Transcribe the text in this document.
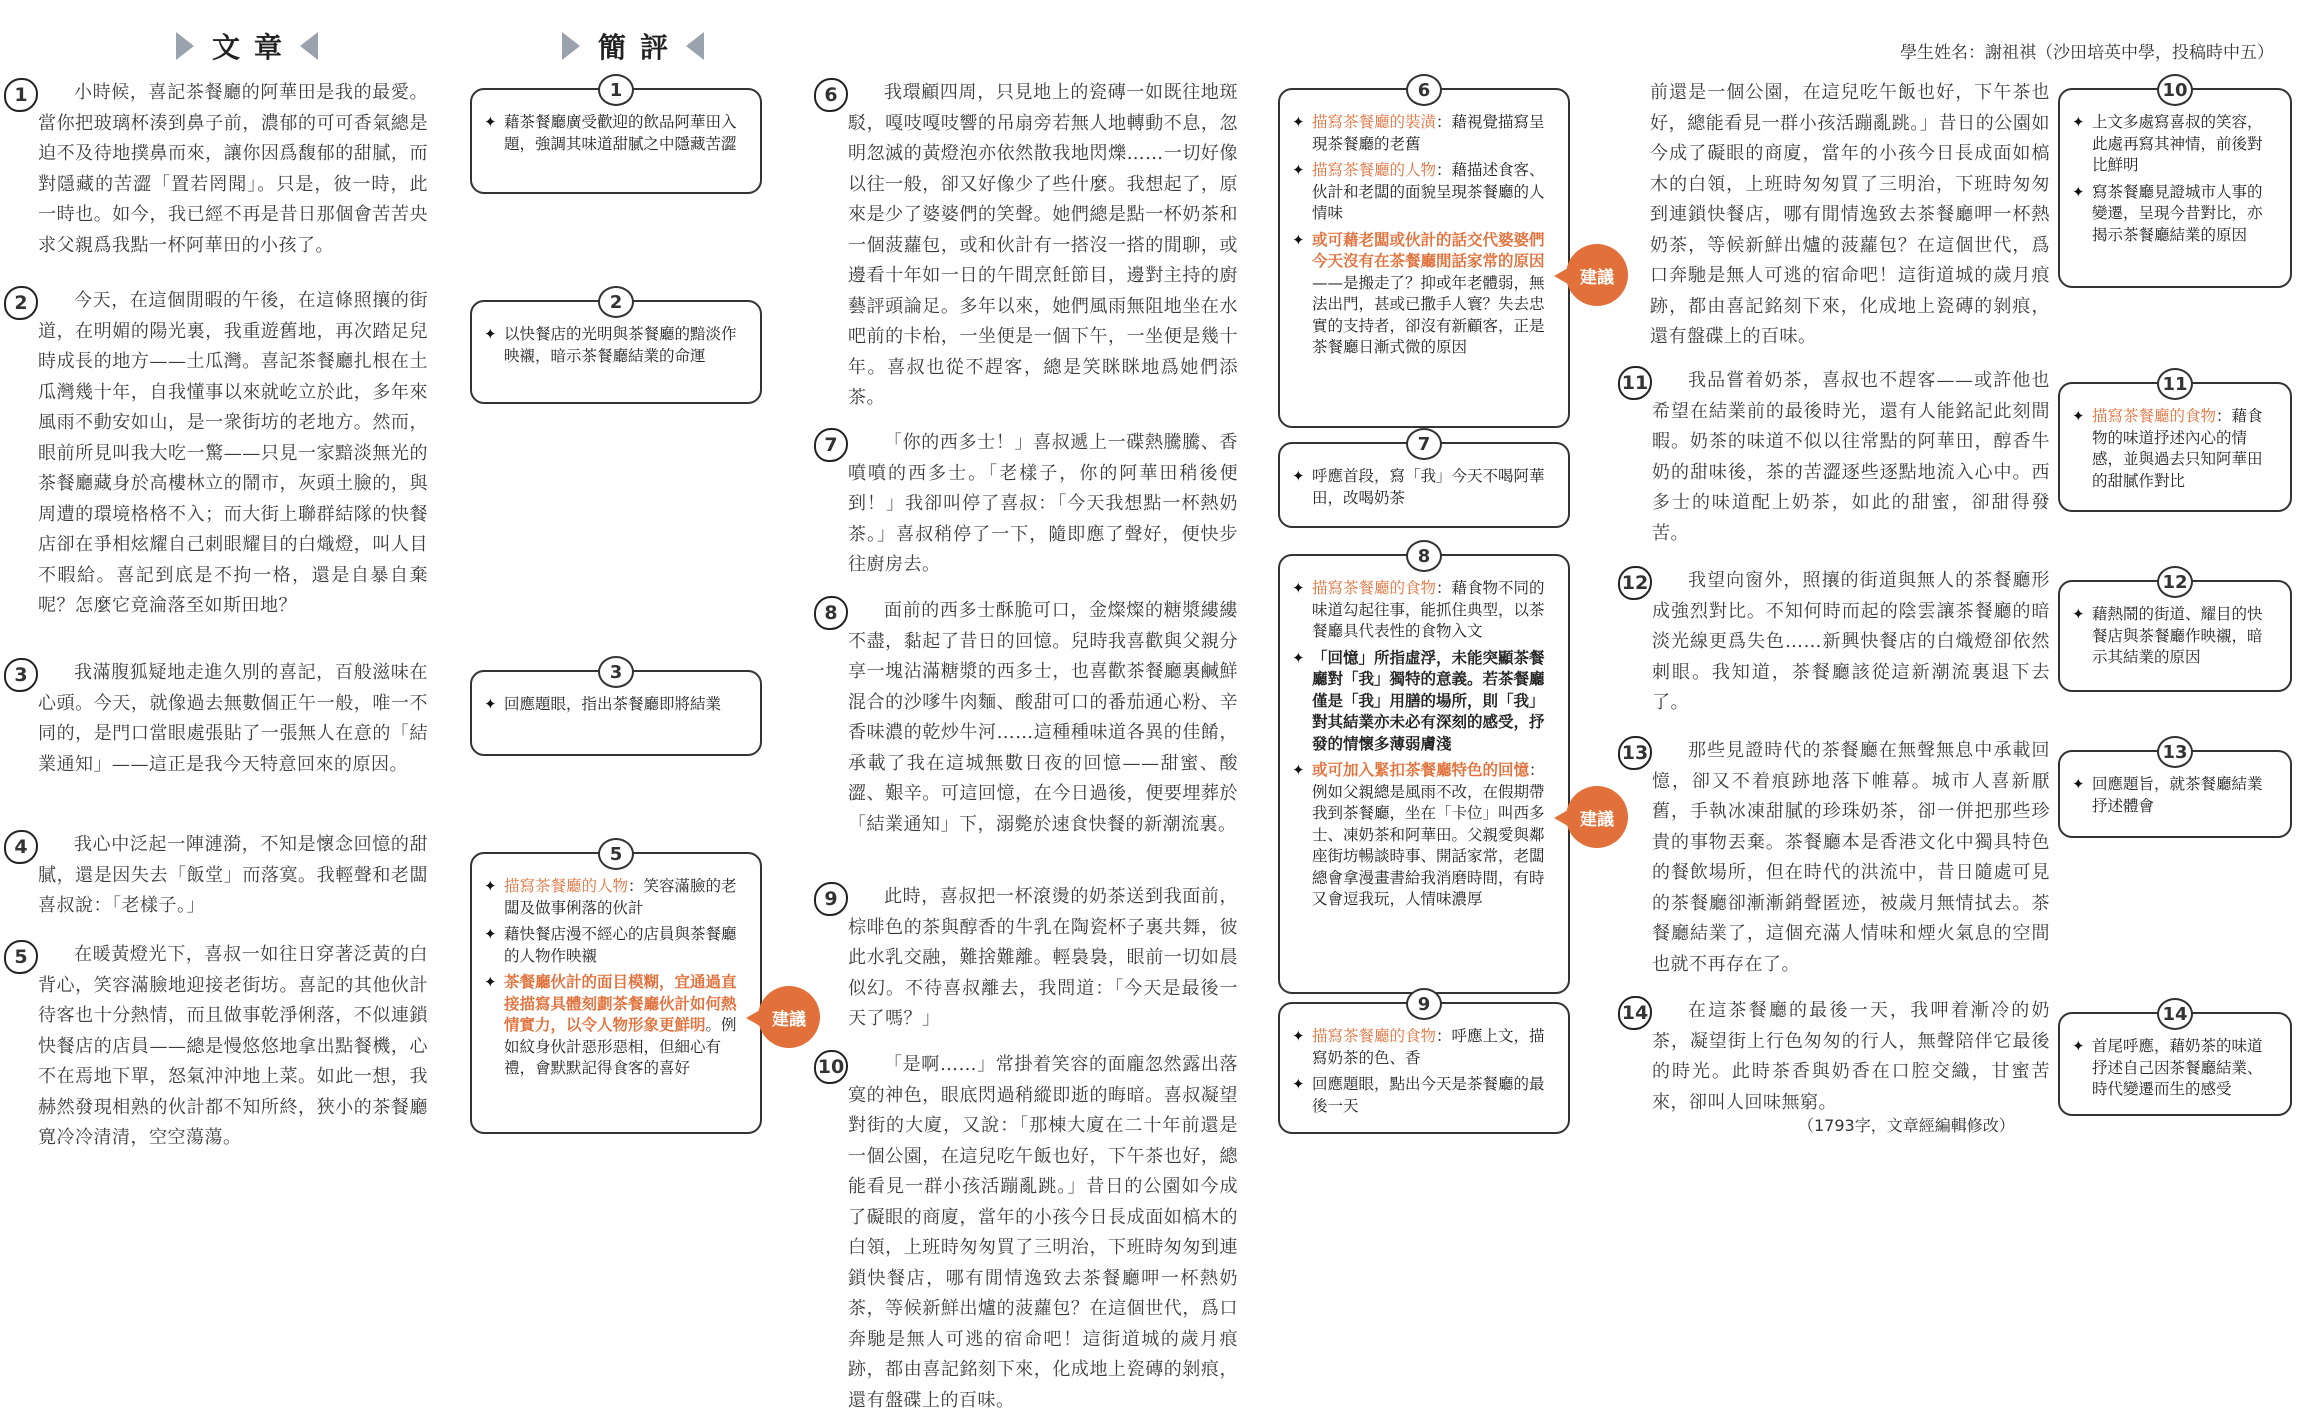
文章	簡評	學生姓名：謝祖祺（沙田培英中學，投稿時中五）
1	小時候，喜記茶餐廳的阿華田是我的最愛。當你把玻璃杯湊到鼻子前，濃郁的可可香氣總是迫不及待地撲鼻而來，讓你因爲馥郁的甜膩，而對隱藏的苦澀「置若罔聞」。只是，彼一時，此一時也。如今，我已經不再是昔日那個會苦苦央求父親爲我點一杯阿華田的小孩了。

2	今天，在這個閒暇的午後，在這條照攘的街道，在明媚的陽光裏，我重遊舊地，再次踏足兒時成長的地方——土瓜灣。喜記茶餐廳扎根在土瓜灣幾十年，自我懂事以來就屹立於此，多年來風雨不動安如山，是一衆街坊的老地方。然而，眼前所見叫我大吃一驚——只見一家黯淡無光的茶餐廳藏身於高樓林立的鬧市，灰頭土臉的，與周遭的環境格格不入；而大街上聯群結隊的快餐店卻在爭相炫耀自己刺眼耀目的白熾燈，叫人目不暇給。喜記到底是不拘一格，還是自暴自棄呢？怎麼它竟淪落至如斯田地？

3	我滿腹狐疑地走進久別的喜記，百般滋味在心頭。今天，就像過去無數個正午一般，唯一不同的，是門口當眼處張貼了一張無人在意的「結業通知」——這正是我今天特意回來的原因。

4	我心中泛起一陣漣漪，不知是懷念回憶的甜膩，還是因失去「飯堂」而落寞。我輕聲和老闆喜叔說：「老樣子。」

5	在暖黃燈光下，喜叔一如往日穿著泛黃的白背心，笑容滿臉地迎接老街坊。喜記的其他伙計待客也十分熱情，而且做事乾淨俐落，不似連鎖快餐店的店員——總是慢悠悠地拿出點餐機，心不在焉地下單，怒氣沖沖地上菜。如此一想，我赫然發現相熟的伙計都不知所終，狹小的茶餐廳寛冷冷清清，空空蕩蕩。

1
✦ 藉茶餐廳廣受歡迎的飲品阿華田入題，強調其味道甜膩之中隱藏苦澀
2
✦ 以快餐店的光明與茶餐廳的黯淡作映襯，暗示茶餐廳結業的命運
3
✦ 回應題眼，指出茶餐廳即將結業
5
✦ 描寫茶餐廳的人物：笑容滿臉的老闆及做事俐落的伙計
✦ 藉快餐店漫不經心的店員與茶餐廳的人物作映襯
✦ 茶餐廳伙計的面目模糊，宜通過直接描寫具體刻劃茶餐廳伙計如何熱情實力，以令人物形象更鮮明。例如紋身伙計惡形惡相，但細心有禮，會默默記得食客的喜好
建議
6	我環顧四周，只見地上的瓷磚一如既往地斑駁，嘎吱嘎吱響的吊扇旁若無人地轉動不息，忽明忽滅的黃燈泡亦依然散我地閃爍……一切好像以往一般，卻又好像少了些什麼。我想起了，原來是少了婆婆們的笑聲。她們總是點一杯奶茶和一個菠蘿包，或和伙計有一搭沒一搭的閒聊，或邊看十年如一日的午間烹飪節目，邊對主持的廚藝評頭論足。多年以來，她們風雨無阻地坐在水吧前的卡枱，一坐便是一個下午，一坐便是幾十年。喜叔也從不趕客，總是笑眯眯地爲她們添茶。

7	「你的西多士！」喜叔遞上一碟熱騰騰、香噴噴的西多士。「老樣子，你的阿華田稍後便到！」我卻叫停了喜叔：「今天我想點一杯熱奶茶。」喜叔稍停了一下，隨即應了聲好，便快步往廚房去。

8	面前的西多士酥脆可口，金燦燦的糖漿縷縷不盡，黏起了昔日的回憶。兒時我喜歡與父親分享一塊沾滿糖漿的西多士，也喜歡茶餐廳裏鹹鮮混合的沙嗲牛肉麵、酸甜可口的番茄通心粉、辛香味濃的乾炒牛河……這種種味道各異的佳餚，承載了我在這城無數日夜的回憶——甜蜜、酸澀、艱辛。可這回憶，在今日過後，便要埋葬於「結業通知」下，溺斃於速食快餐的新潮流裏。

9	此時，喜叔把一杯滾燙的奶茶送到我面前，棕啡色的茶與醇香的牛乳在陶瓷杯子裏共舞，彼此水乳交融，難捨難離。輕裊裊，眼前一切如晨似幻。不待喜叔離去，我問道：「今天是最後一天了嗎？」

10	「是啊……」常掛着笑容的面龐忽然露出落寞的神色，眼底閃過稍縱即逝的晦暗。喜叔凝望對街的大廈，又說：「那棟大廈在二十年前還是一個公園，在這兒吃午飯也好，下午茶也好，總能看見一群小孩活蹦亂跳。」昔日的公園如今成了礙眼的商廈，當年的小孩今日長成面如槁木的白領，上班時匆匆買了三明治，下班時匆匆到連鎖快餐店，哪有閒情逸致去茶餐廳呷一杯熱奶茶，等候新鮮出爐的菠蘿包？在這個世代，爲口奔馳是無人可逃的宿命吧！這街道城的歲月痕跡，都由喜記銘刻下來，化成地上瓷磚的剝痕，還有盤碟上的百味。

6
✦ 描寫茶餐廳的裝潢：藉視覺描寫呈現茶餐廳的老舊
✦ 描寫茶餐廳的人物：藉描述食客、伙計和老闆的面貌呈現茶餐廳的人情味
✦ 或可藉老闆或伙計的話交代婆婆們今天沒有在茶餐廳閒話家常的原因——是搬走了？抑或年老體弱，無法出門，甚或已撒手人寰？失去忠實的支持者，卻沒有新顧客，正是茶餐廳日漸式微的原因
建議
7
✦ 呼應首段，寫「我」今天不喝阿華田，改喝奶茶
8
✦ 描寫茶餐廳的食物：藉食物不同的味道勾起往事，能抓住典型，以茶餐廳具代表性的食物入文
✦ 「回憶」所指虛浮，未能突顯茶餐廳對「我」獨特的意義。若茶餐廳僅是「我」用膳的場所，則「我」對其結業亦未必有深刻的感受，抒發的情懷多薄弱膚淺
✦ 或可加入緊扣茶餐廳特色的回憶：例如父親總是風雨不改，在假期帶我到茶餐廳，坐在「卡位」叫西多士、凍奶茶和阿華田。父親愛與鄰座街坊暢談時事、開話家常，老闆總會拿漫畫書給我消磨時間，有時又會逗我玩，人情味濃厚
建議
9
✦ 描寫茶餐廳的食物：呼應上文，描寫奶茶的色、香
✦ 回應題眼，點出今天是茶餐廳的最後一天

前還是一個公園，在這兒吃午飯也好，下午茶也好，總能看見一群小孩活蹦亂跳。」昔日的公園如今成了礙眼的商廈，當年的小孩今日長成面如槁木的白領，上班時匆匆買了三明治，下班時匆匆到連鎖快餐店，哪有閒情逸致去茶餐廳呷一杯熱奶茶，等候新鮮出爐的菠蘿包？在這個世代，爲口奔馳是無人可逃的宿命吧！這街道城的歲月痕跡，都由喜記銘刻下來，化成地上瓷磚的剝痕，還有盤碟上的百味。

11	我品嘗着奶茶，喜叔也不趕客——或許他也希望在結業前的最後時光，還有人能銘記此刻間暇。奶茶的味道不似以往常點的阿華田，醇香牛奶的甜味後，茶的苦澀逐些逐點地流入心中。西多士的味道配上奶茶，如此的甜蜜，卻甜得發苦。

12	我望向窗外，照攘的街道與無人的茶餐廳形成強烈對比。不知何時而起的陰雲讓茶餐廳的暗淡光線更爲失色……新興快餐店的白熾燈卻依然刺眼。我知道，茶餐廳該從這新潮流裏退下去了。

13	那些見證時代的茶餐廳在無聲無息中承載回憶，卻又不着痕跡地落下帷幕。城市人喜新厭舊，手執冰凍甜膩的珍珠奶茶，卻一併把那些珍貴的事物丟棄。茶餐廳本是香港文化中獨具特色的餐飲場所，但在時代的洪流中，昔日隨處可見的茶餐廳卻漸漸銷聲匿迹，被歲月無情拭去。茶餐廳結業了，這個充滿人情味和煙火氣息的空間也就不再存在了。

14	在這茶餐廳的最後一天，我呷着漸冷的奶茶，凝望街上行色匆匆的行人，無聲陪伴它最後的時光。此時茶香與奶香在口腔交織，甘蜜苦來，卻叫人回味無窮。

（1793字，文章經編輯修改）
10
✦ 上文多處寫喜叔的笑容，此處再寫其神情，前後對比鮮明
✦ 寫茶餐廳見證城市人事的變遷，呈現今昔對比，亦揭示茶餐廳結業的原因
11
✦ 描寫茶餐廳的食物：藉食物的味道抒述內心的情感，並與過去只知阿華田的甜膩作對比
12
✦ 藉熱鬧的街道、耀目的快餐店與茶餐廳作映襯，暗示其結業的原因
13
✦ 回應題旨，就茶餐廳結業抒述體會
14
✦ 首尾呼應，藉奶茶的味道抒述自己因茶餐廳結業、時代變遷而生的感受
